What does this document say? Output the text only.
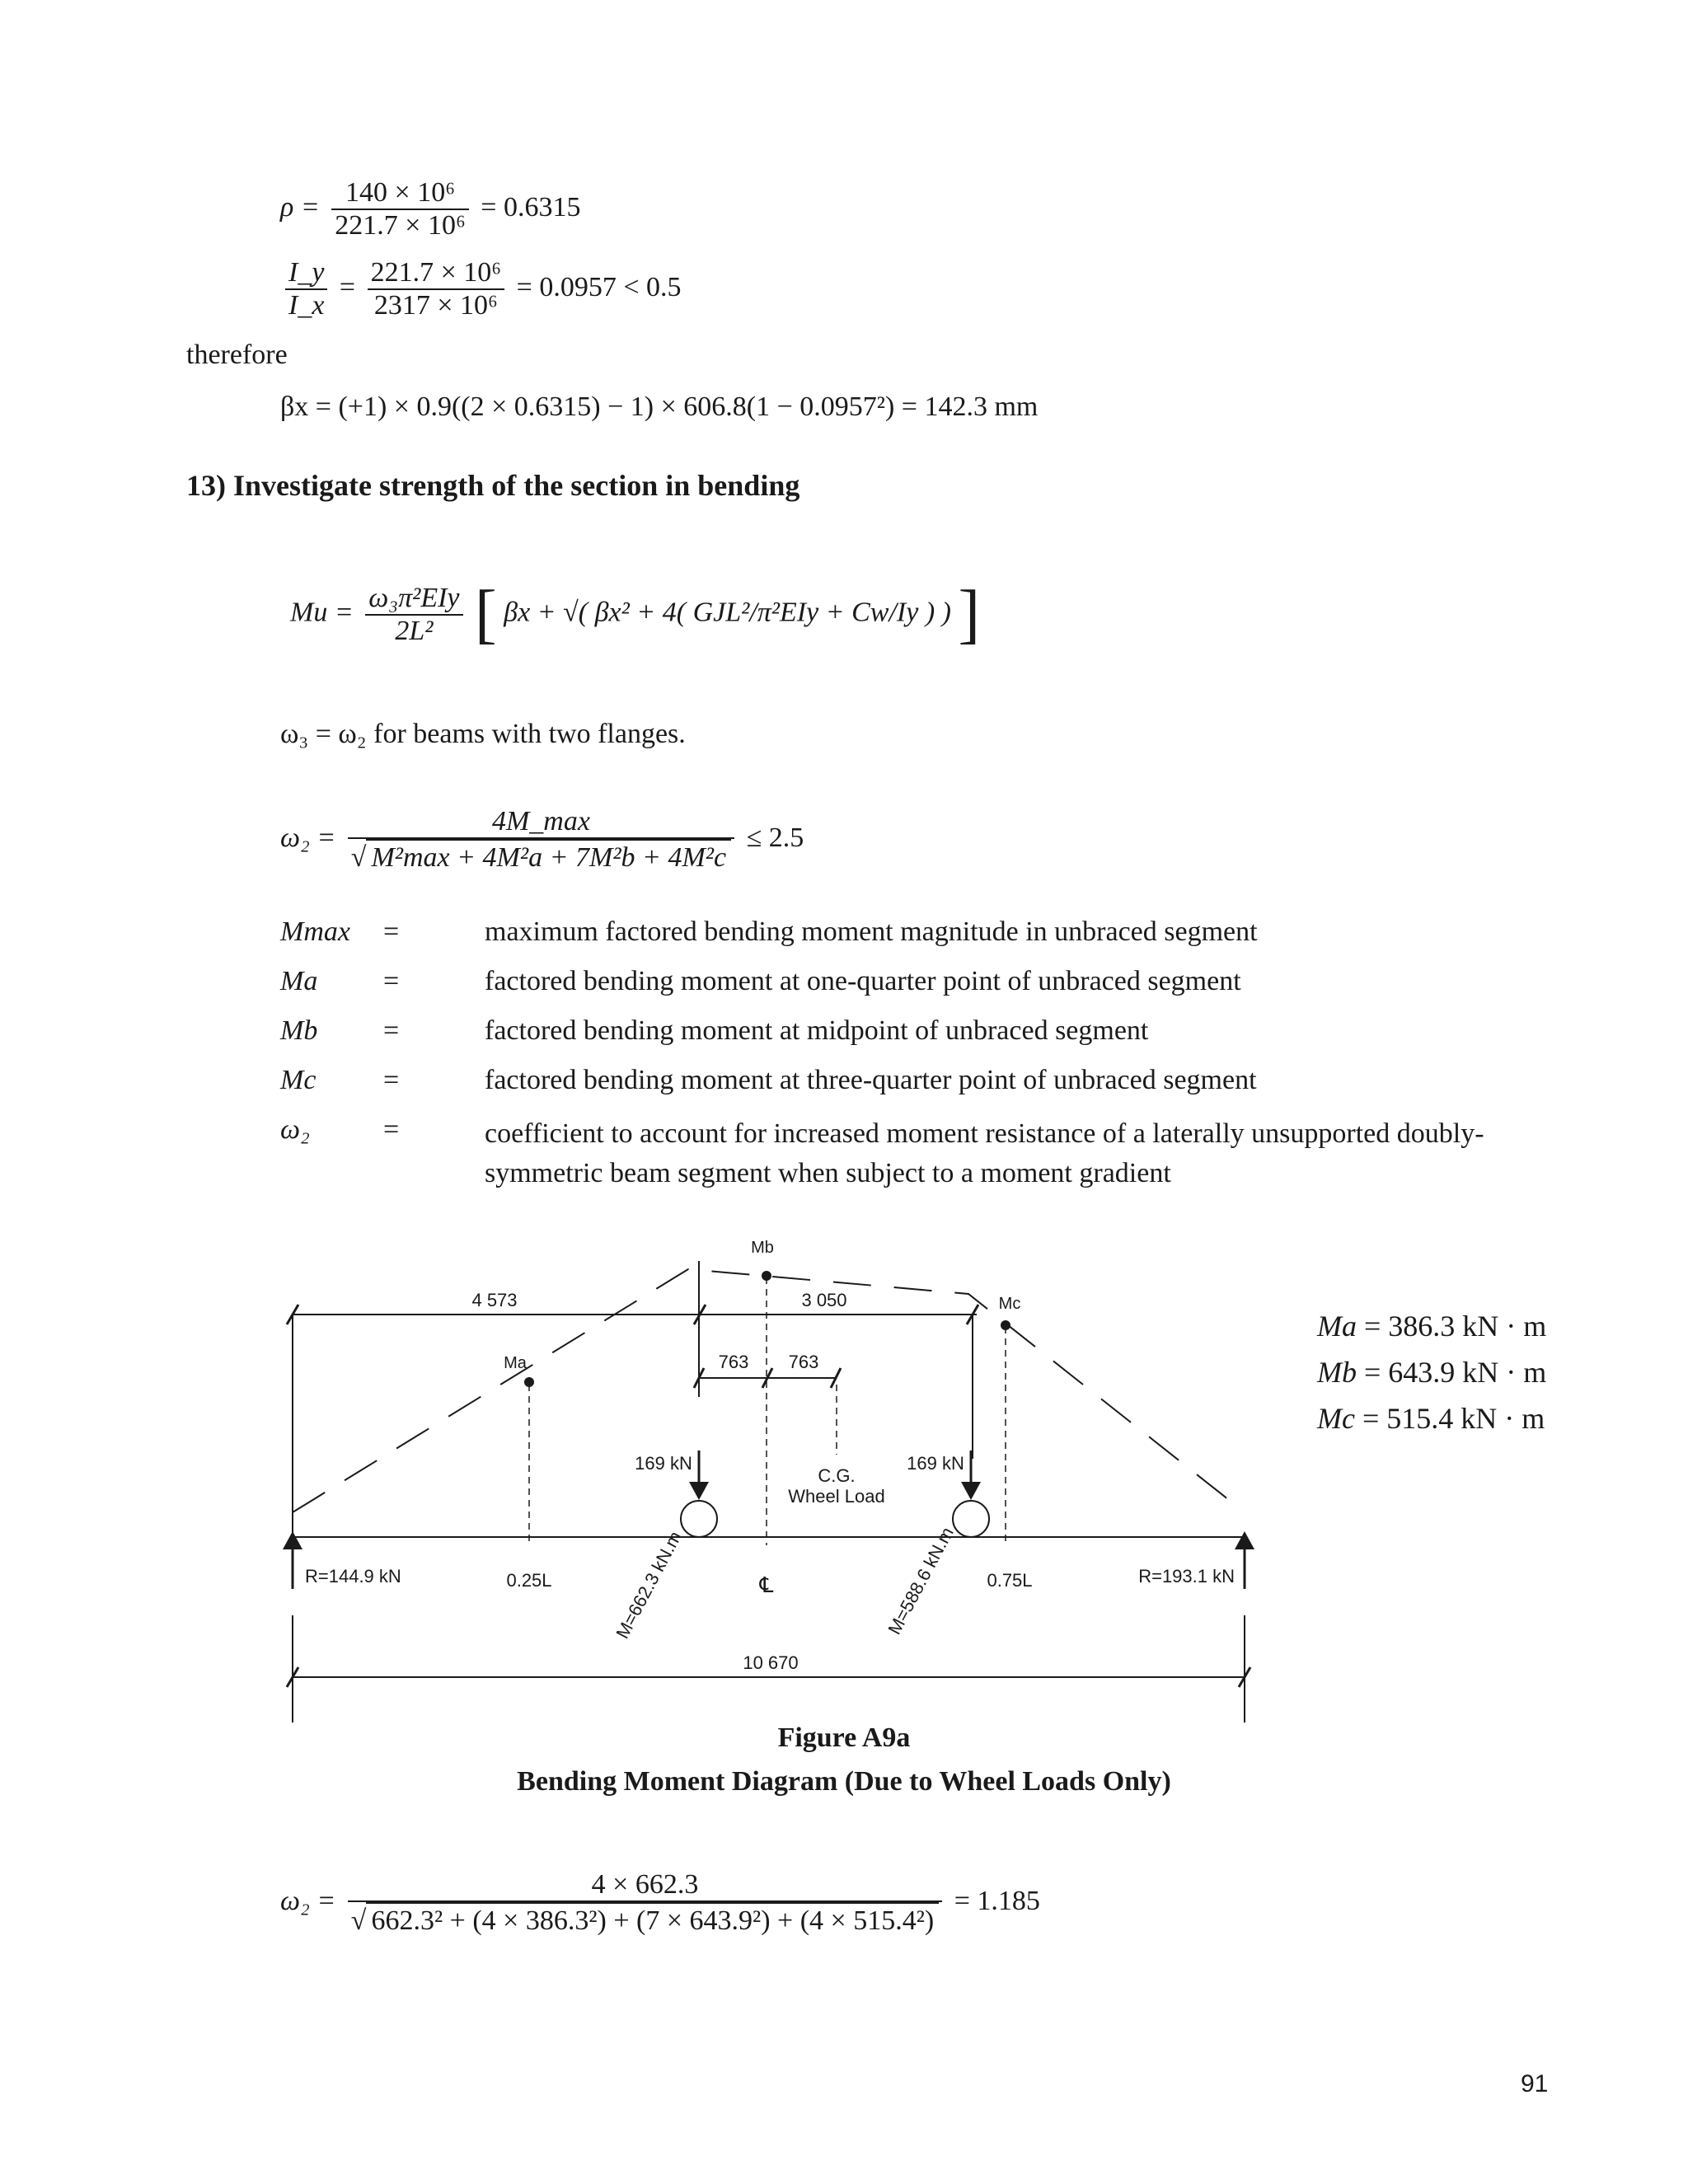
$\rho = \frac{\text{140 × 10⁶}}{\text{221.7 × 10⁶}} = 0.6315$
$\frac{I\_y}{I\_x} = \frac{\text{221.7 × 10⁶}}{\text{2317 × 10⁶}} = 0.0957 < 0.5$
therefore
βx = (+1) × 0.9((2 × 0.6315) − 1) × 606.8(1 − 0.0957²) = 142.3 mm
13) Investigate strength of the section in bending
$Mu = \frac{\text{ω₃π²EIy}}{\text{2L²}}$ [ βx + √( βx² + 4( GJL²/π²EIy + Cw/Iy ) ) ]
ω₃ = ω₂ for beams with two flanges.
$\omega_2 = \frac{4M\_\max}{\text{√ M²max + 4M²a + 7M²b + 4M²c}} \le 2.5$
Mmax =	maximum factored bending moment magnitude in unbraced segment
Ma =	factored bending moment at one-quarter point of unbraced segment
Mb =	factored bending moment at midpoint of unbraced segment
Mc =	factored bending moment at three-quarter point of unbraced segment
ω₂	=	coefficient to account for increased moment resistance of a laterally unsupported doubly-symmetric beam segment when subject to a moment gradient
4 573	3 050
763 763
Mb
Ma
Mc
169 kN	169 kN
C.G.
Wheel Load
R=144.9 kN	R=193.1 kN
0.25L	0.75L
℄
M=662.3 kN.m	M=588.6 kN.m
10 670
Ma = 386.3 kN · m
Mb = 643.9 kN · m
Mc = 515.4 kN · m
Figure A9a
Bending Moment Diagram (Due to Wheel Loads Only)
$\omega_2 = \frac{4 \times 662.3}{\text{√ 662.3² + (4 × 386.3²) + (7 × 643.9²) + (4 × 515.4²)}} = 1.185$
91
